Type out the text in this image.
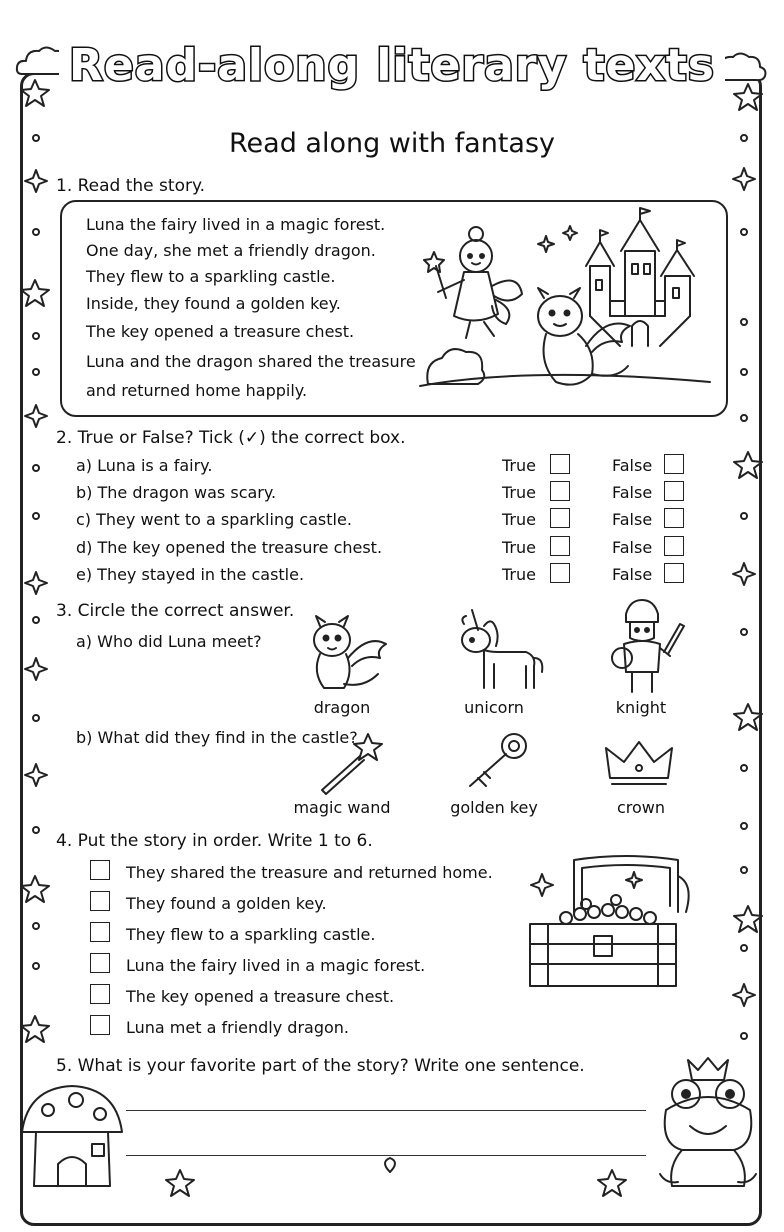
Read-along literary texts
Read along with fantasy
1. Read the story.
Luna the fairy lived in a magic forest.
One day, she met a friendly dragon.
They flew to a sparkling castle.
Inside, they found a golden key.
The key opened a treasure chest.
Luna and the dragon shared the treasure
and returned home happily.
2. True or False? Tick (✓) the correct box.
a) Luna is a fairy.	True	False
b) The dragon was scary.	True	False
c) They went to a sparkling castle.	True	False
d) The key opened the treasure chest.	True	False
e) They stayed in the castle.	True	False
3. Circle the correct answer.
a) Who did Luna meet?
dragon	unicorn	knight
b) What did they find in the castle?
magic wand	golden key	crown
4. Put the story in order. Write 1 to 6.
They shared the treasure and returned home.
They found a golden key.
They flew to a sparkling castle.
Luna the fairy lived in a magic forest.
The key opened a treasure chest.
Luna met a friendly dragon.
5. What is your favorite part of the story? Write one sentence.
